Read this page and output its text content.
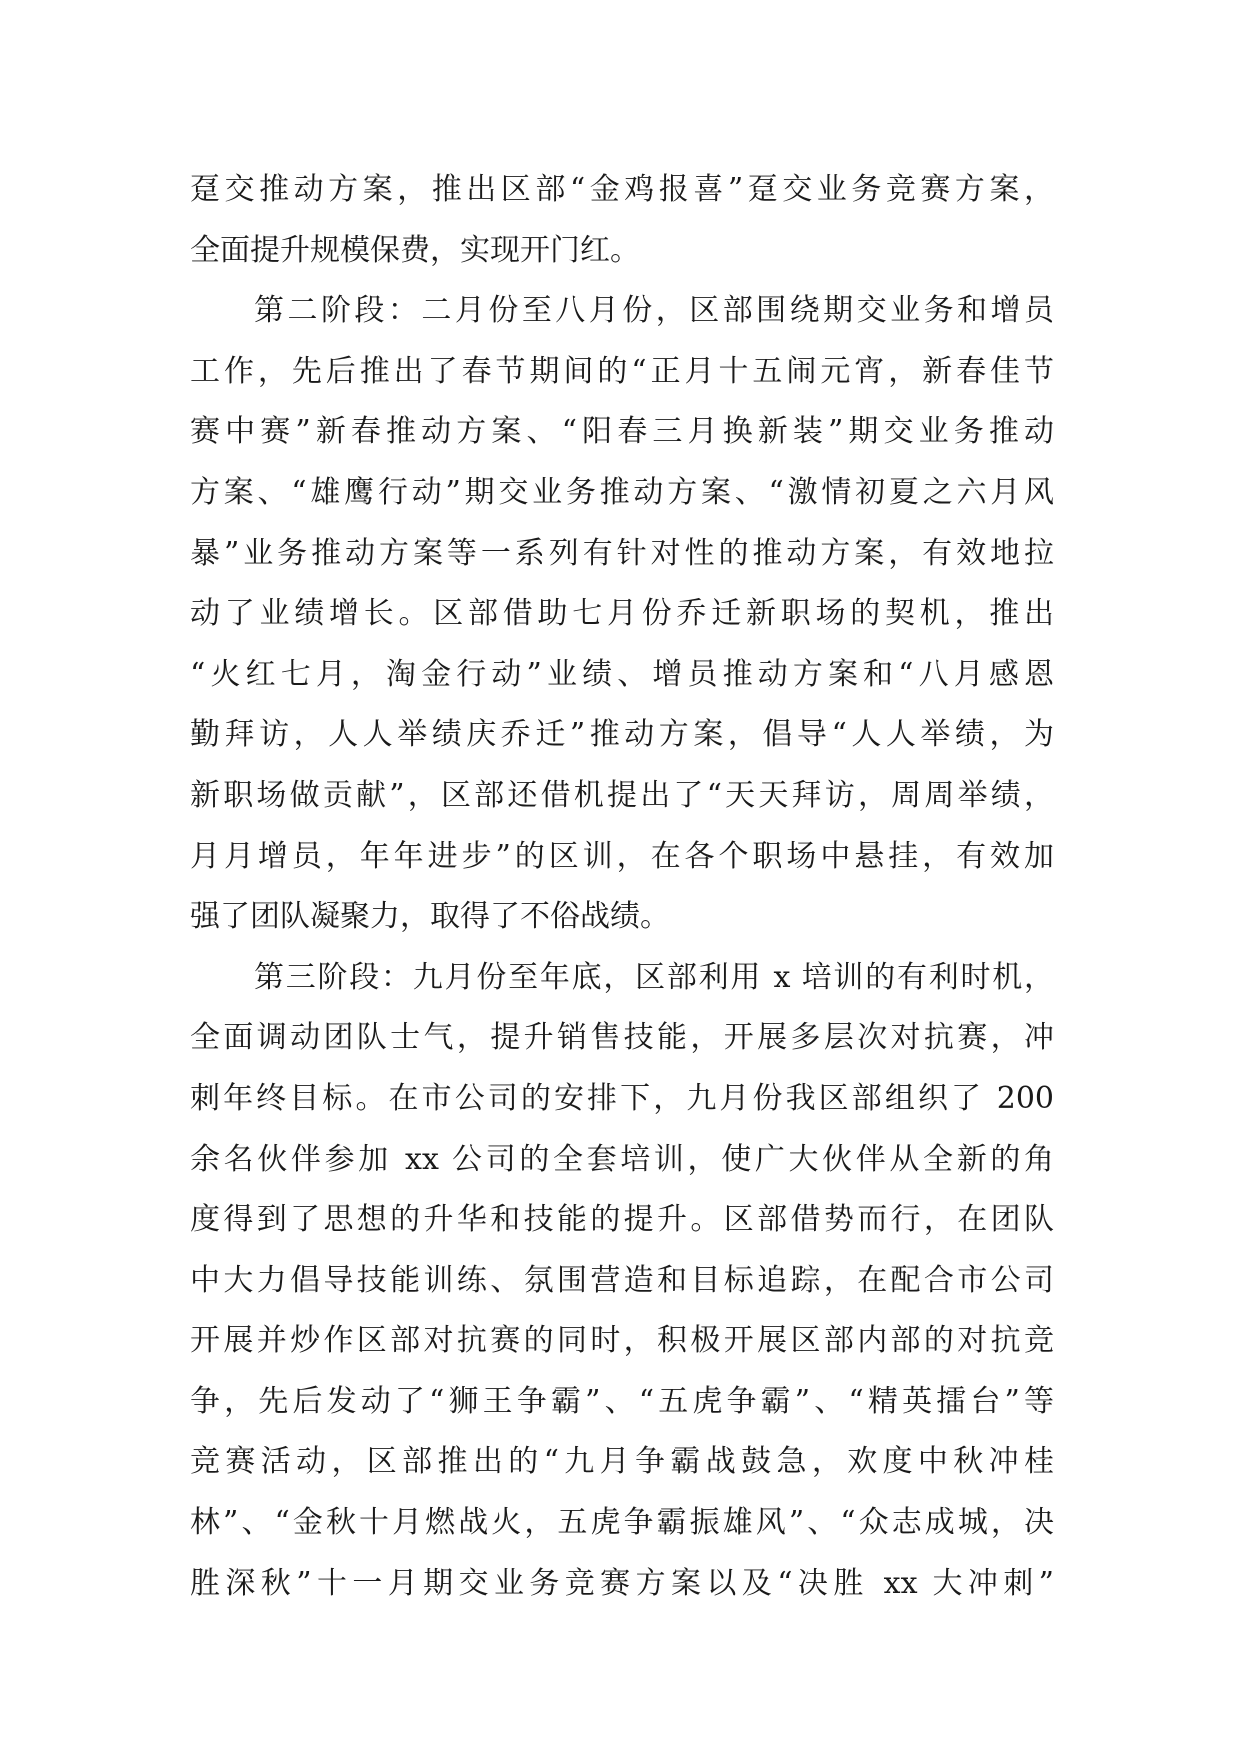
趸交推动方案，推出区部“金鸡报喜”趸交业务竞赛方案，
全面提升规模保费，实现开门红。
第二阶段：二月份至八月份，区部围绕期交业务和增员
工作，先后推出了春节期间的“正月十五闹元宵，新春佳节
赛中赛”新春推动方案、“阳春三月换新装”期交业务推动
方案、“雄鹰行动”期交业务推动方案、“激情初夏之六月风
暴”业务推动方案等一系列有针对性的推动方案，有效地拉
动了业绩增长。区部借助七月份乔迁新职场的契机，推出
“火红七月，淘金行动”业绩、增员推动方案和“八月感恩
勤拜访，人人举绩庆乔迁”推动方案，倡导“人人举绩，为
新职场做贡献”，区部还借机提出了“天天拜访，周周举绩，
月月增员，年年进步”的区训，在各个职场中悬挂，有效加
强了团队凝聚力，取得了不俗战绩。
第三阶段：九月份至年底，区部利用 x 培训的有利时机，
全面调动团队士气，提升销售技能，开展多层次对抗赛，冲
刺年终目标。在市公司的安排下，九月份我区部组织了 200
余名伙伴参加 xx 公司的全套培训，使广大伙伴从全新的角
度得到了思想的升华和技能的提升。区部借势而行，在团队
中大力倡导技能训练、氛围营造和目标追踪，在配合市公司
开展并炒作区部对抗赛的同时，积极开展区部内部的对抗竞
争，先后发动了“狮王争霸”、“五虎争霸”、“精英擂台”等
竞赛活动，区部推出的“九月争霸战鼓急，欢度中秋冲桂
林”、“金秋十月燃战火，五虎争霸振雄风”、“众志成城，决
胜深秋”十一月期交业务竞赛方案以及“决胜 xx 大冲刺”
